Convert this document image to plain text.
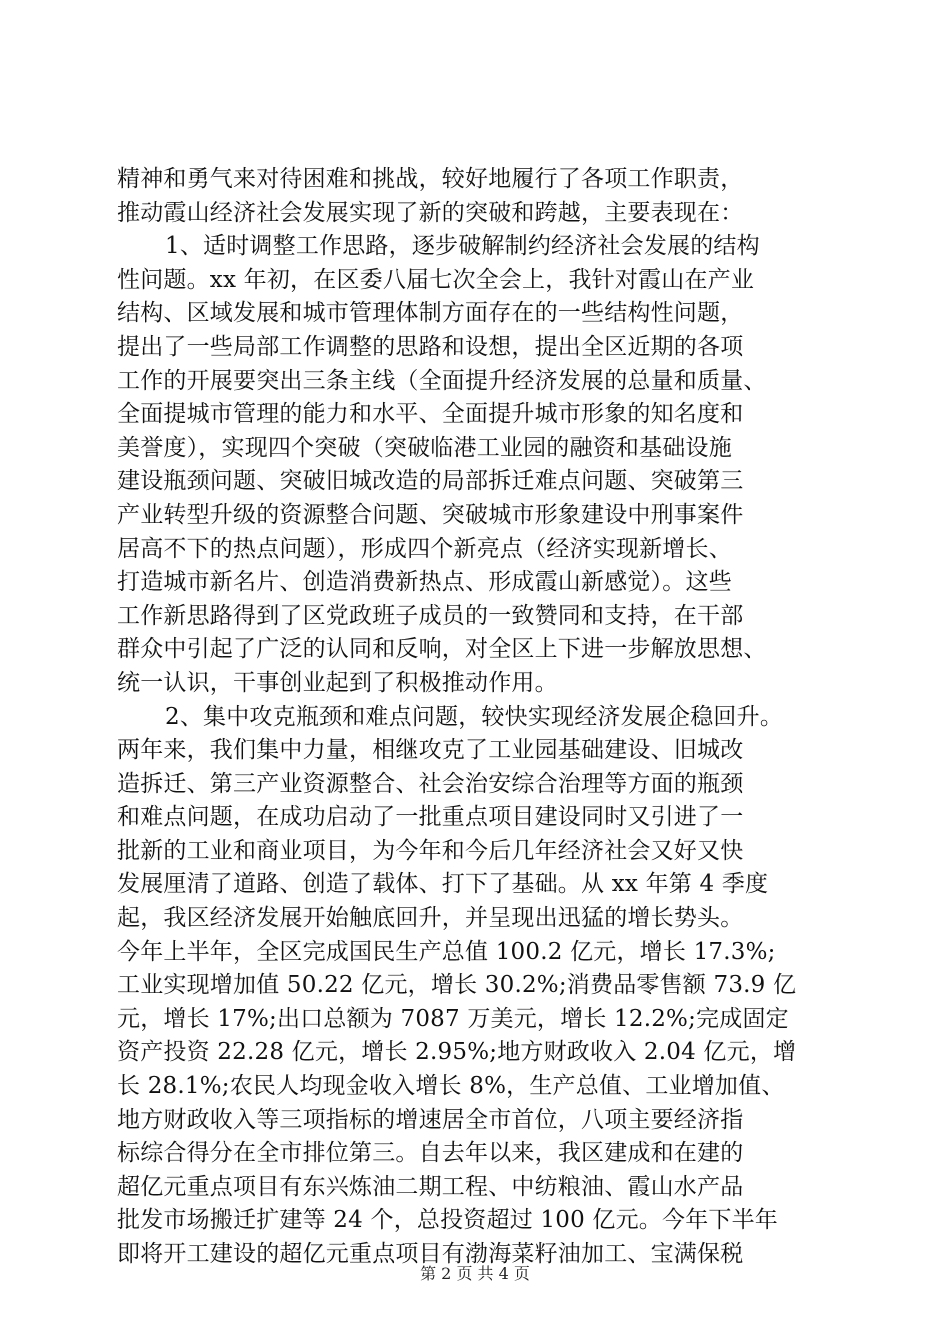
精神和勇气来对待困难和挑战，较好地履行了各项工作职责，
推动霞山经济社会发展实现了新的突破和跨越，主要表现在：
1、适时调整工作思路，逐步破解制约经济社会发展的结构
性问题。xx 年初，在区委八届七次全会上，我针对霞山在产业
结构、区域发展和城市管理体制方面存在的一些结构性问题，
提出了一些局部工作调整的思路和设想，提出全区近期的各项
工作的开展要突出三条主线（全面提升经济发展的总量和质量、
全面提城市管理的能力和水平、全面提升城市形象的知名度和
美誉度），实现四个突破（突破临港工业园的融资和基础设施
建设瓶颈问题、突破旧城改造的局部拆迁难点问题、突破第三
产业转型升级的资源整合问题、突破城市形象建设中刑事案件
居高不下的热点问题），形成四个新亮点（经济实现新增长、
打造城市新名片、创造消费新热点、形成霞山新感觉）。这些
工作新思路得到了区党政班子成员的一致赞同和支持，在干部
群众中引起了广泛的认同和反响，对全区上下进一步解放思想、
统一认识，干事创业起到了积极推动作用。
2、集中攻克瓶颈和难点问题，较快实现经济发展企稳回升。
两年来，我们集中力量，相继攻克了工业园基础建设、旧城改
造拆迁、第三产业资源整合、社会治安综合治理等方面的瓶颈
和难点问题，在成功启动了一批重点项目建设同时又引进了一
批新的工业和商业项目，为今年和今后几年经济社会又好又快
发展厘清了道路、创造了载体、打下了基础。从 xx 年第 4 季度
起，我区经济发展开始触底回升，并呈现出迅猛的增长势头。
今年上半年，全区完成国民生产总值 100.2 亿元，增长 17.3%;
工业实现增加值 50.22 亿元，增长 30.2%;消费品零售额 73.9 亿
元，增长 17%;出口总额为 7087 万美元，增长 12.2%;完成固定
资产投资 22.28 亿元，增长 2.95%;地方财政收入 2.04 亿元，增
长 28.1%;农民人均现金收入增长 8%，生产总值、工业增加值、
地方财政收入等三项指标的增速居全市首位，八项主要经济指
标综合得分在全市排位第三。自去年以来，我区建成和在建的
超亿元重点项目有东兴炼油二期工程、中纺粮油、霞山水产品
批发市场搬迁扩建等 24 个，总投资超过 100 亿元。今年下半年
即将开工建设的超亿元重点项目有渤海菜籽油加工、宝满保税
第 2 页 共 4 页
